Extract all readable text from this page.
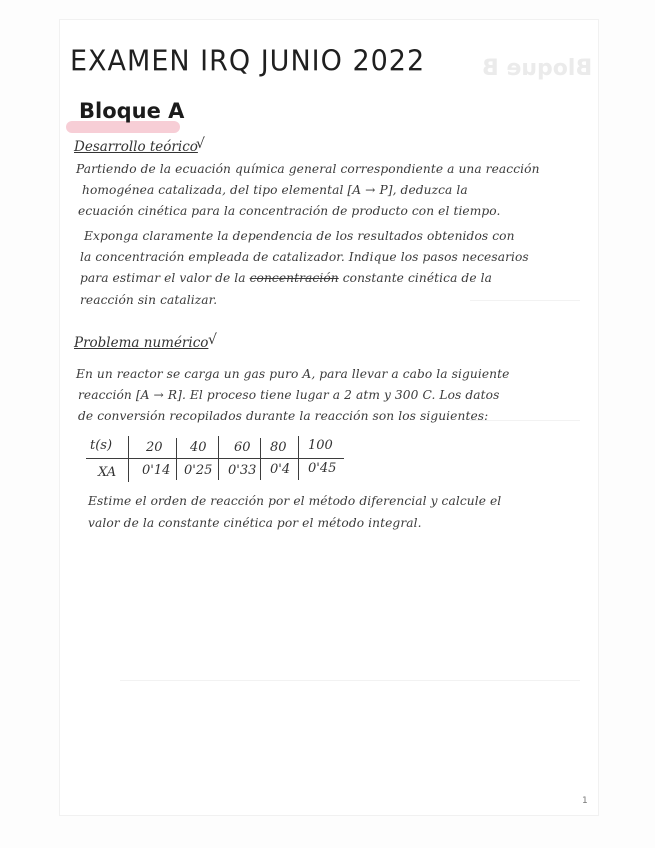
Bloque B
EXAMEN IRQ JUNIO 2022
Bloque A
Desarrollo teórico
√
Partiendo de la ecuación química general correspondiente a una reacción
homogénea catalizada, del tipo elemental [A → P], deduzca la
ecuación cinética para la concentración de producto con el tiempo.
Exponga claramente la dependencia de los resultados obtenidos con
la concentración empleada de catalizador. Indique los pasos necesarios
para estimar el valor de la concentración constante cinética de la
reacción sin catalizar.
Problema numérico √
En un reactor se carga un gas puro A, para llevar a cabo la siguiente
reacción [A → R]. El proceso tiene lugar a 2 atm y 300 C. Los datos
de conversión recopilados durante la reacción son los siguientes:
t(s)
XA
20 40 60 80 100
0'14 0'25 0'33 0'4 0'45
Estime el orden de reacción por el método diferencial y calcule el
valor de la constante cinética por el método integral.
1
